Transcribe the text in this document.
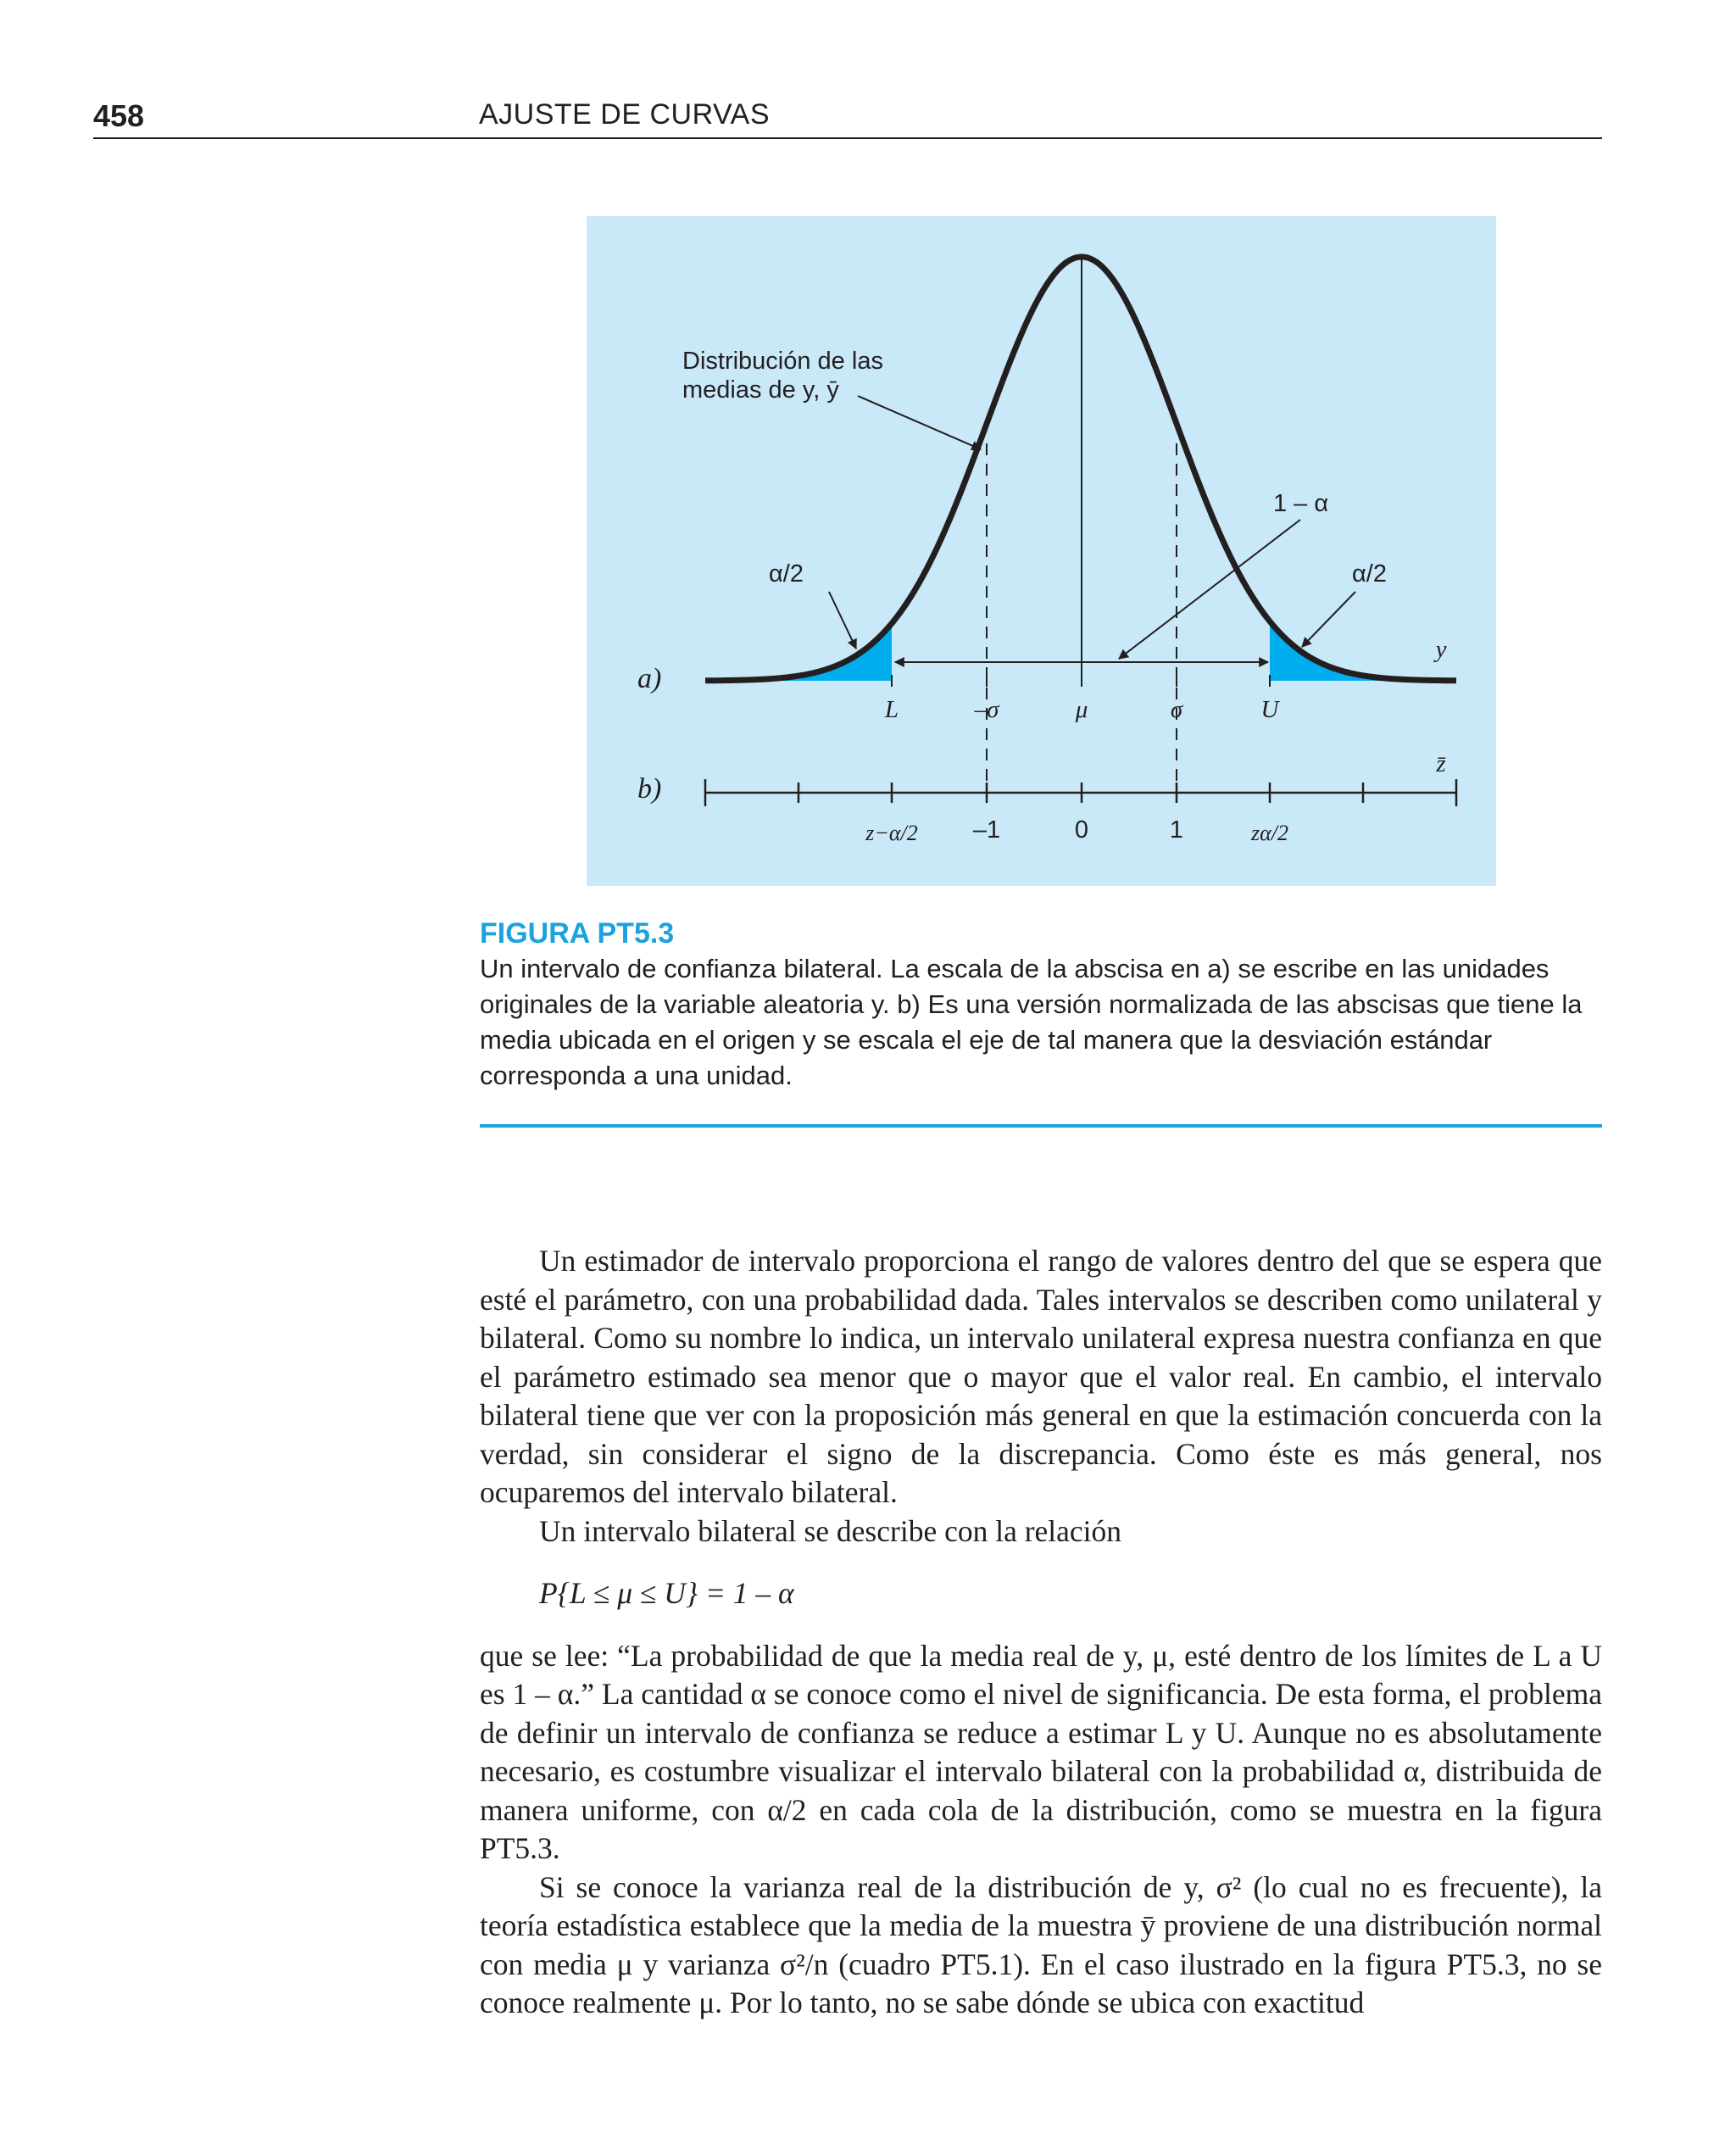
458	AJUSTE DE CURVAS
Distribución de las
medias de y, ȳ
1 – α
α/2	α/2
a)
b)
y
z̄
L	–σ	μ	σ	U
z−α/2	zα/2
–1	0	1
FIGURA PT5.3
Un intervalo de confianza bilateral. La escala de la abscisa en a) se escribe en las unidades originales de la variable aleatoria y. b) Es una versión normalizada de las abscisas que tiene la media ubicada en el origen y se escala el eje de tal manera que la desviación estándar corresponda a una unidad.

Un estimador de intervalo proporciona el rango de valores dentro del que se espera que esté el parámetro, con una probabilidad dada. Tales intervalos se describen como unilateral y bilateral. Como su nombre lo indica, un intervalo unilateral expresa nuestra confianza en que el parámetro estimado sea menor que o mayor que el valor real. En cambio, el intervalo bilateral tiene que ver con la proposición más general en que la estimación concuerda con la verdad, sin considerar el signo de la discrepancia. Como éste es más general, nos ocuparemos del intervalo bilateral.

Un intervalo bilateral se describe con la relación

P{L ≤ μ ≤ U} = 1 – α

que se lee: “La probabilidad de que la media real de y, μ, esté dentro de los límites de L a U es 1 – α.” La cantidad α se conoce como el nivel de significancia. De esta forma, el problema de definir un intervalo de confianza se reduce a estimar L y U. Aunque no es absolutamente necesario, es costumbre visualizar el intervalo bilateral con la probabilidad α, distribuida de manera uniforme, con α/2 en cada cola de la distribución, como se muestra en la figura PT5.3.

Si se conoce la varianza real de la distribución de y, σ² (lo cual no es frecuente), la teoría estadística establece que la media de la muestra ȳ proviene de una distribución normal con media μ y varianza σ²/n (cuadro PT5.1). En el caso ilustrado en la figura PT5.3, no se conoce realmente μ. Por lo tanto, no se sabe dónde se ubica con exactitud
